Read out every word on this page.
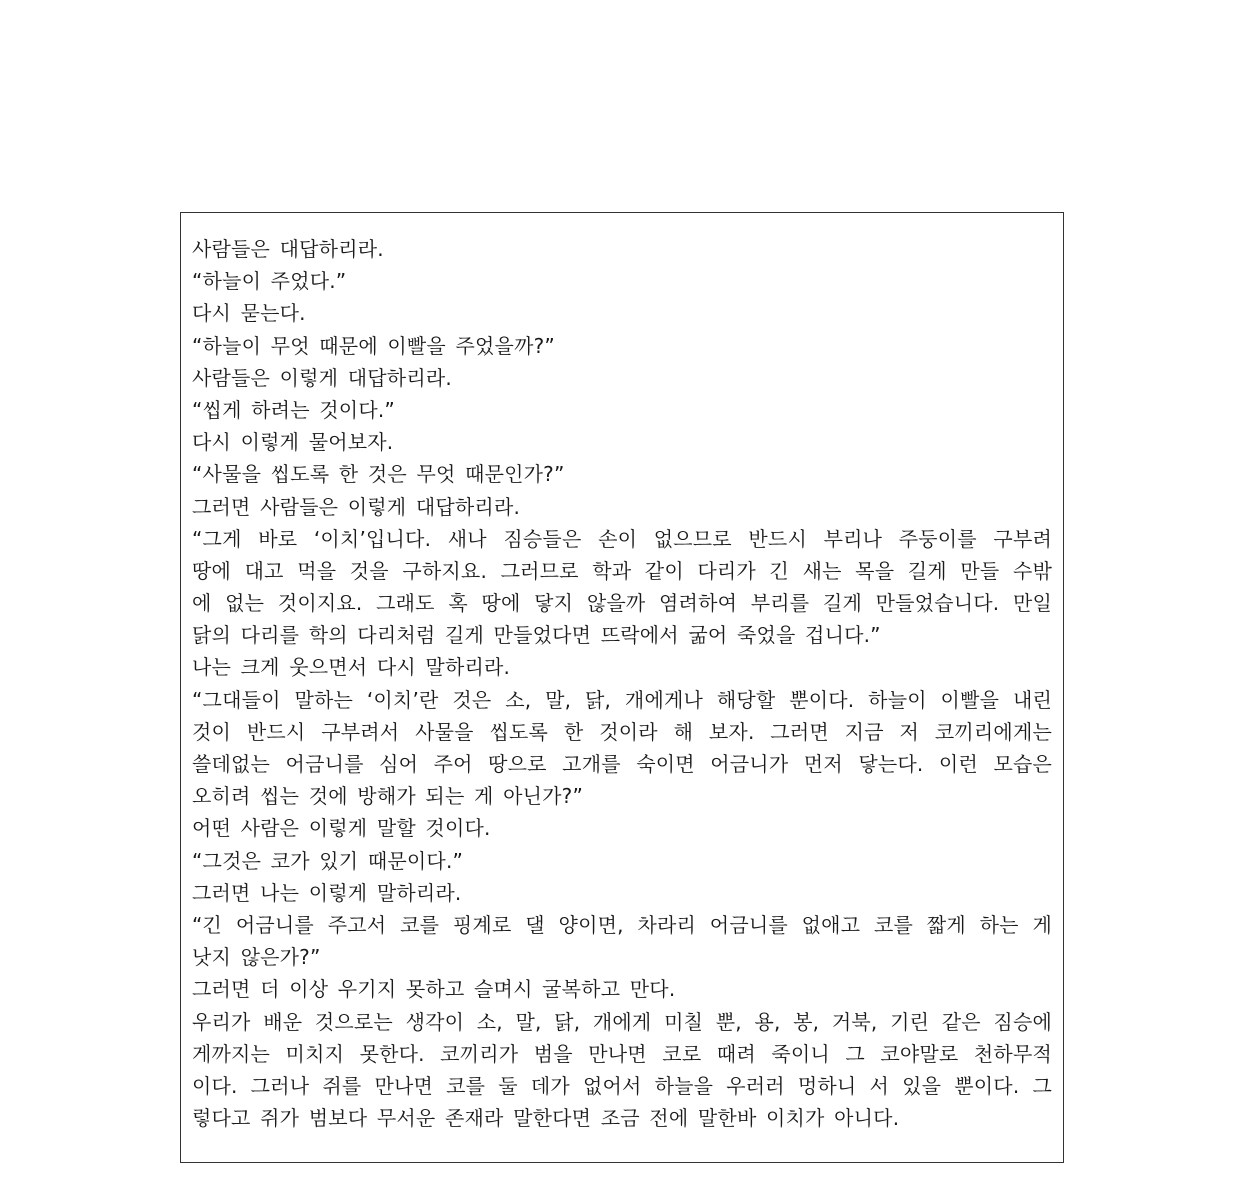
사람들은 대답하리라.
“하늘이 주었다.”
다시 묻는다.
“하늘이 무엇 때문에 이빨을 주었을까?”
사람들은 이렇게 대답하리라.
“씹게 하려는 것이다.”
다시 이렇게 물어보자.
“사물을 씹도록 한 것은 무엇 때문인가?”
그러면 사람들은 이렇게 대답하리라.
“그게 바로 ‘이치’입니다. 새나 짐승들은 손이 없으므로 반드시 부리나 주둥이를 구부려
땅에 대고 먹을 것을 구하지요. 그러므로 학과 같이 다리가 긴 새는 목을 길게 만들 수밖
에 없는 것이지요. 그래도 혹 땅에 닿지 않을까 염려하여 부리를 길게 만들었습니다. 만일
닭의 다리를 학의 다리처럼 길게 만들었다면 뜨락에서 굶어 죽었을 겁니다.”
나는 크게 웃으면서 다시 말하리라.
“그대들이 말하는 ‘이치’란 것은 소, 말, 닭, 개에게나 해당할 뿐이다. 하늘이 이빨을 내린
것이 반드시 구부려서 사물을 씹도록 한 것이라 해 보자. 그러면 지금 저 코끼리에게는
쓸데없는 어금니를 심어 주어 땅으로 고개를 숙이면 어금니가 먼저 닿는다. 이런 모습은
오히려 씹는 것에 방해가 되는 게 아닌가?”
어떤 사람은 이렇게 말할 것이다.
“그것은 코가 있기 때문이다.”
그러면 나는 이렇게 말하리라.
“긴 어금니를 주고서 코를 핑계로 댈 양이면, 차라리 어금니를 없애고 코를 짧게 하는 게
낫지 않은가?”
그러면 더 이상 우기지 못하고 슬며시 굴복하고 만다.
우리가 배운 것으로는 생각이 소, 말, 닭, 개에게 미칠 뿐, 용, 봉, 거북, 기린 같은 짐승에
게까지는 미치지 못한다. 코끼리가 범을 만나면 코로 때려 죽이니 그 코야말로 천하무적
이다. 그러나 쥐를 만나면 코를 둘 데가 없어서 하늘을 우러러 멍하니 서 있을 뿐이다. 그
렇다고 쥐가 범보다 무서운 존재라 말한다면 조금 전에 말한바 이치가 아니다.
